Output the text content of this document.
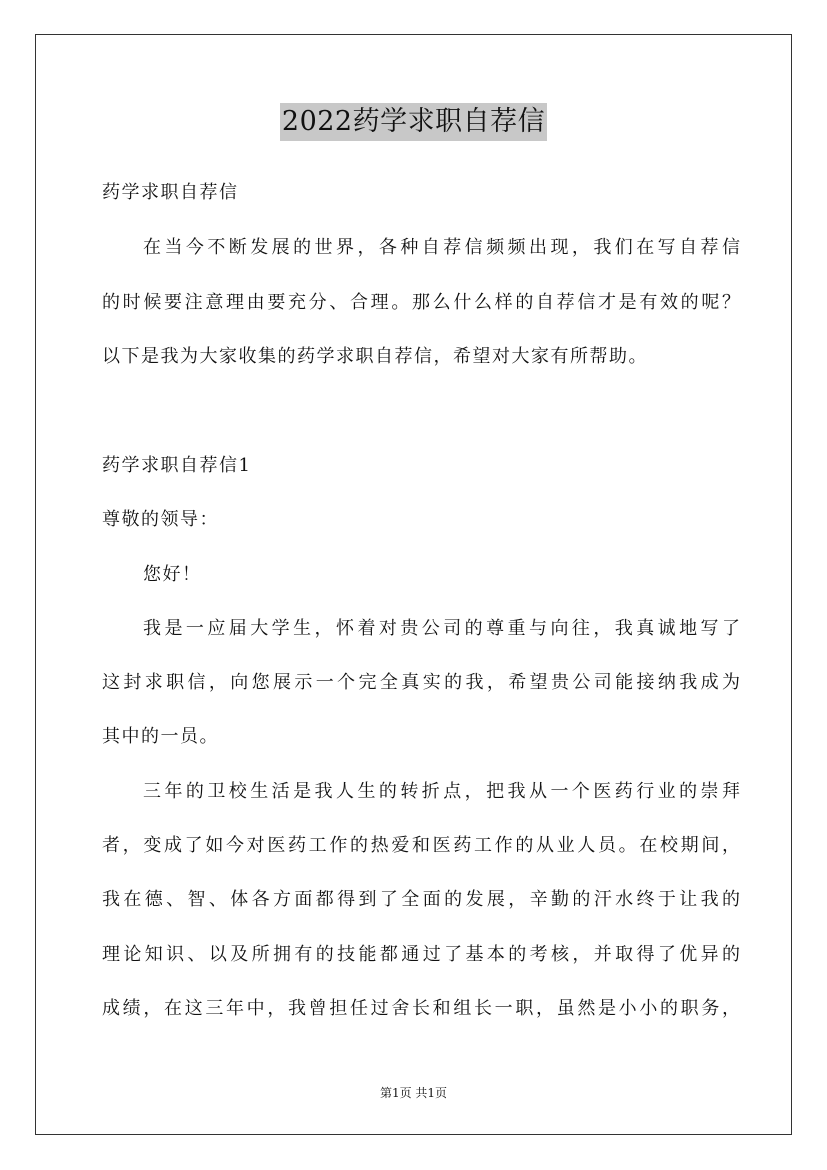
2022药学求职自荐信
药学求职自荐信
在当今不断发展的世界，各种自荐信频频出现，我们在写自荐信
的时候要注意理由要充分、合理。那么什么样的自荐信才是有效的呢？
以下是我为大家收集的药学求职自荐信，希望对大家有所帮助。
药学求职自荐信1
尊敬的领导：
您好！
我是一应届大学生，怀着对贵公司的尊重与向往，我真诚地写了
这封求职信，向您展示一个完全真实的我，希望贵公司能接纳我成为
其中的一员。
三年的卫校生活是我人生的转折点，把我从一个医药行业的崇拜
者，变成了如今对医药工作的热爱和医药工作的从业人员。在校期间，
我在德、智、体各方面都得到了全面的发展，辛勤的汗水终于让我的
理论知识、以及所拥有的技能都通过了基本的考核，并取得了优异的
成绩，在这三年中，我曾担任过舍长和组长一职，虽然是小小的职务，
第1页 共1页
